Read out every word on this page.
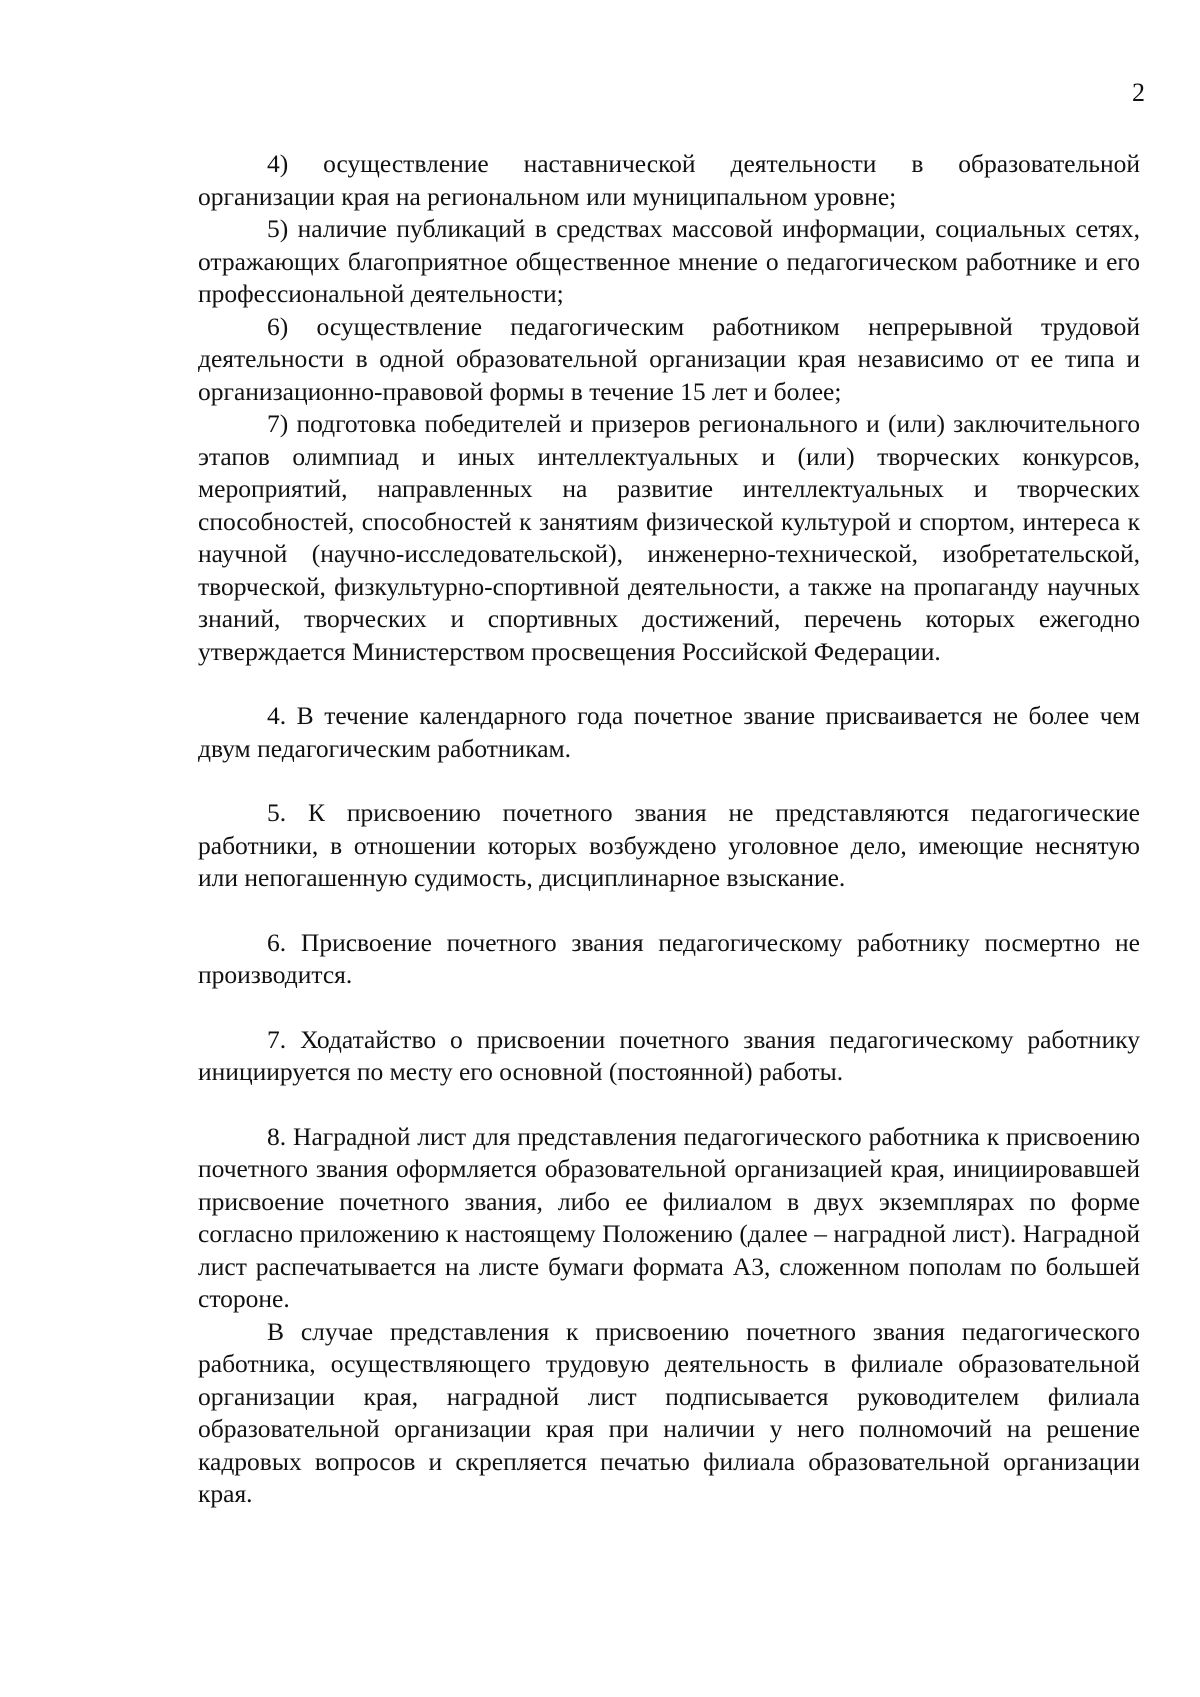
2

4) осуществление наставнической деятельности в образовательной организации края на региональном или муниципальном уровне;

5) наличие публикаций в средствах массовой информации, социальных сетях, отражающих благоприятное общественное мнение о педагогическом работнике и его профессиональной деятельности;

6) осуществление педагогическим работником непрерывной трудовой деятельности в одной образовательной организации края независимо от ее типа и организационно-правовой формы в течение 15 лет и более;

7) подготовка победителей и призеров регионального и (или) заключительного этапов олимпиад и иных интеллектуальных и (или) творческих конкурсов, мероприятий, направленных на развитие интеллектуальных и творческих способностей, способностей к занятиям физической культурой и спортом, интереса к научной (научно-исследовательской), инженерно-технической, изобретательской, творческой, физкультурно-спортивной деятельности, а также на пропаганду научных знаний, творческих и спортивных достижений, перечень которых ежегодно утверждается Министерством просвещения Российской Федерации.

4. В течение календарного года почетное звание присваивается не более чем двум педагогическим работникам.

5. К присвоению почетного звания не представляются педагогические работники, в отношении которых возбуждено уголовное дело, имеющие неснятую или непогашенную судимость, дисциплинарное взыскание.

6. Присвоение почетного звания педагогическому работнику посмертно не производится.

7. Ходатайство о присвоении почетного звания педагогическому работнику инициируется по месту его основной (постоянной) работы.

8. Наградной лист для представления педагогического работника к присвоению почетного звания оформляется образовательной организацией края, инициировавшей присвоение почетного звания, либо ее филиалом в двух экземплярах по форме согласно приложению к настоящему Положению (далее – наградной лист). Наградной лист распечатывается на листе бумаги формата А3, сложенном пополам по большей стороне.

В случае представления к присвоению почетного звания педагогического работника, осуществляющего трудовую деятельность в филиале образовательной организации края, наградной лист подписывается руководителем филиала образовательной организации края при наличии у него полномочий на решение кадровых вопросов и скрепляется печатью филиала образовательной организации края.
